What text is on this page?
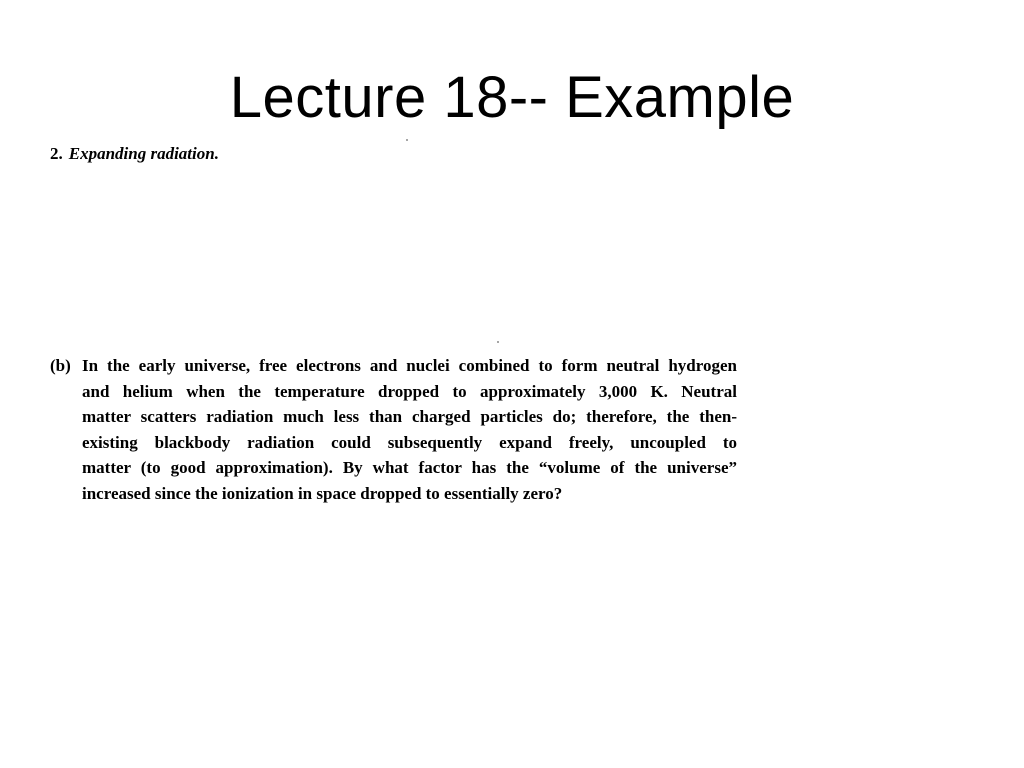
Lecture 18-- Example
2. Expanding radiation.
(b) In the early universe, free electrons and nuclei combined to form neutral hydrogen
and helium when the temperature dropped to approximately 3,000 K. Neutral
matter scatters radiation much less than charged particles do; therefore, the then-
existing blackbody radiation could subsequently expand freely, uncoupled to
matter (to good approximation). By what factor has the “volume of the universe”
increased since the ionization in space dropped to essentially zero?
